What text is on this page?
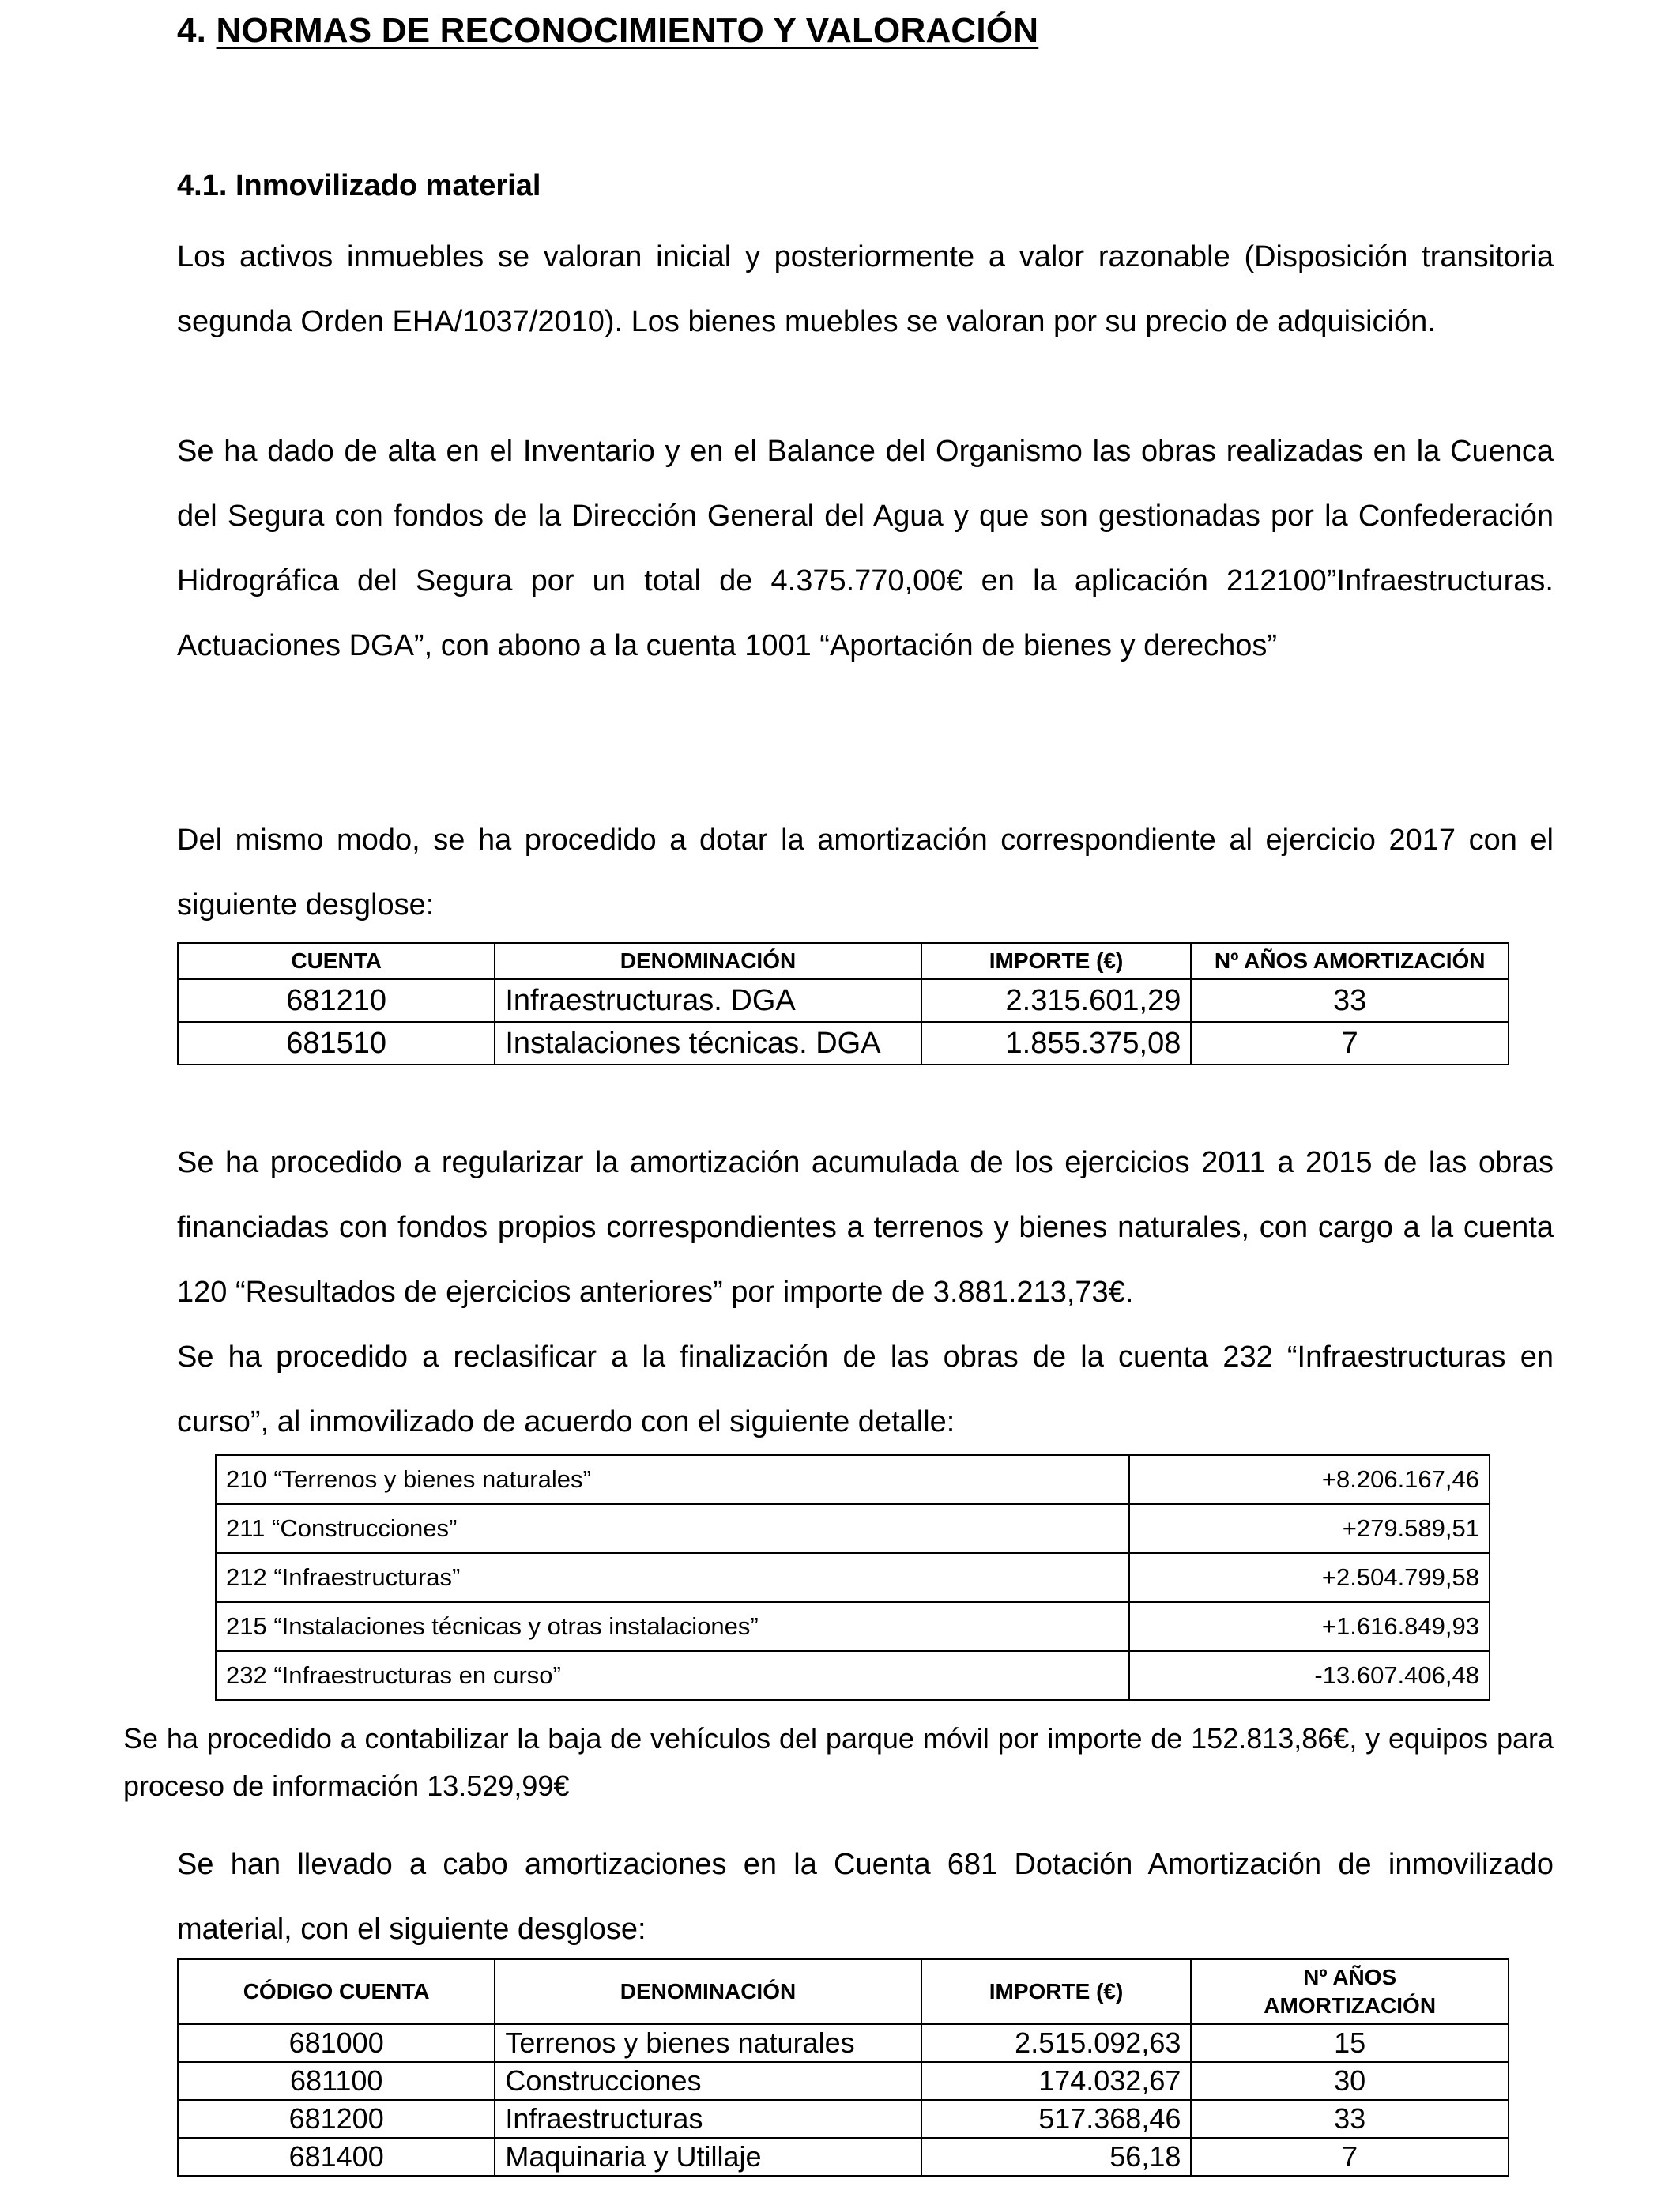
4. NORMAS DE RECONOCIMIENTO Y VALORACIÓN
4.1. Inmovilizado material
Los activos inmuebles se valoran inicial y posteriormente a valor razonable (Disposición transitoria segunda Orden EHA/1037/2010). Los bienes muebles se valoran por su precio de adquisición.
Se ha dado de alta en el Inventario y en el Balance del Organismo las obras realizadas en la Cuenca del Segura con fondos de la Dirección General del Agua y que son gestionadas por la Confederación Hidrográfica del Segura por un total de 4.375.770,00€ en la aplicación 212100”Infraestructuras. Actuaciones DGA”, con abono a la cuenta 1001 “Aportación de bienes y derechos”
Del mismo modo, se ha procedido a dotar la amortización correspondiente al ejercicio 2017 con el siguiente desglose:
CUENTA	DENOMINACIÓN	IMPORTE (€)	Nº AÑOS AMORTIZACIÓN
681210	Infraestructuras. DGA	2.315.601,29	33
681510	Instalaciones técnicas. DGA	1.855.375,08	7
Se ha procedido a regularizar la amortización acumulada de los ejercicios 2011 a 2015 de las obras financiadas con fondos propios correspondientes a terrenos y bienes naturales, con cargo a la cuenta 120 “Resultados de ejercicios anteriores” por importe de 3.881.213,73€.
Se ha procedido a reclasificar a la finalización de las obras de la cuenta 232 “Infraestructuras en curso”, al inmovilizado de acuerdo con el siguiente detalle:
210 “Terrenos y bienes naturales”	+8.206.167,46
211 “Construcciones”	+279.589,51
212 “Infraestructuras”	+2.504.799,58
215 “Instalaciones técnicas y otras instalaciones”	+1.616.849,93
232 “Infraestructuras en curso”	-13.607.406,48
Se ha procedido a contabilizar la baja de vehículos del parque móvil por importe de 152.813,86€, y equipos para proceso de información 13.529,99€
Se han llevado a cabo amortizaciones en la Cuenta 681 Dotación Amortización de inmovilizado material, con el siguiente desglose:
CÓDIGO CUENTA	DENOMINACIÓN	IMPORTE (€)	Nº AÑOS
AMORTIZACIÓN

681000	Terrenos y bienes naturales	2.515.092,63	15
681100	Construcciones	174.032,67	30
681200	Infraestructuras	517.368,46	33
681400	Maquinaria y Utillaje	56,18	7
